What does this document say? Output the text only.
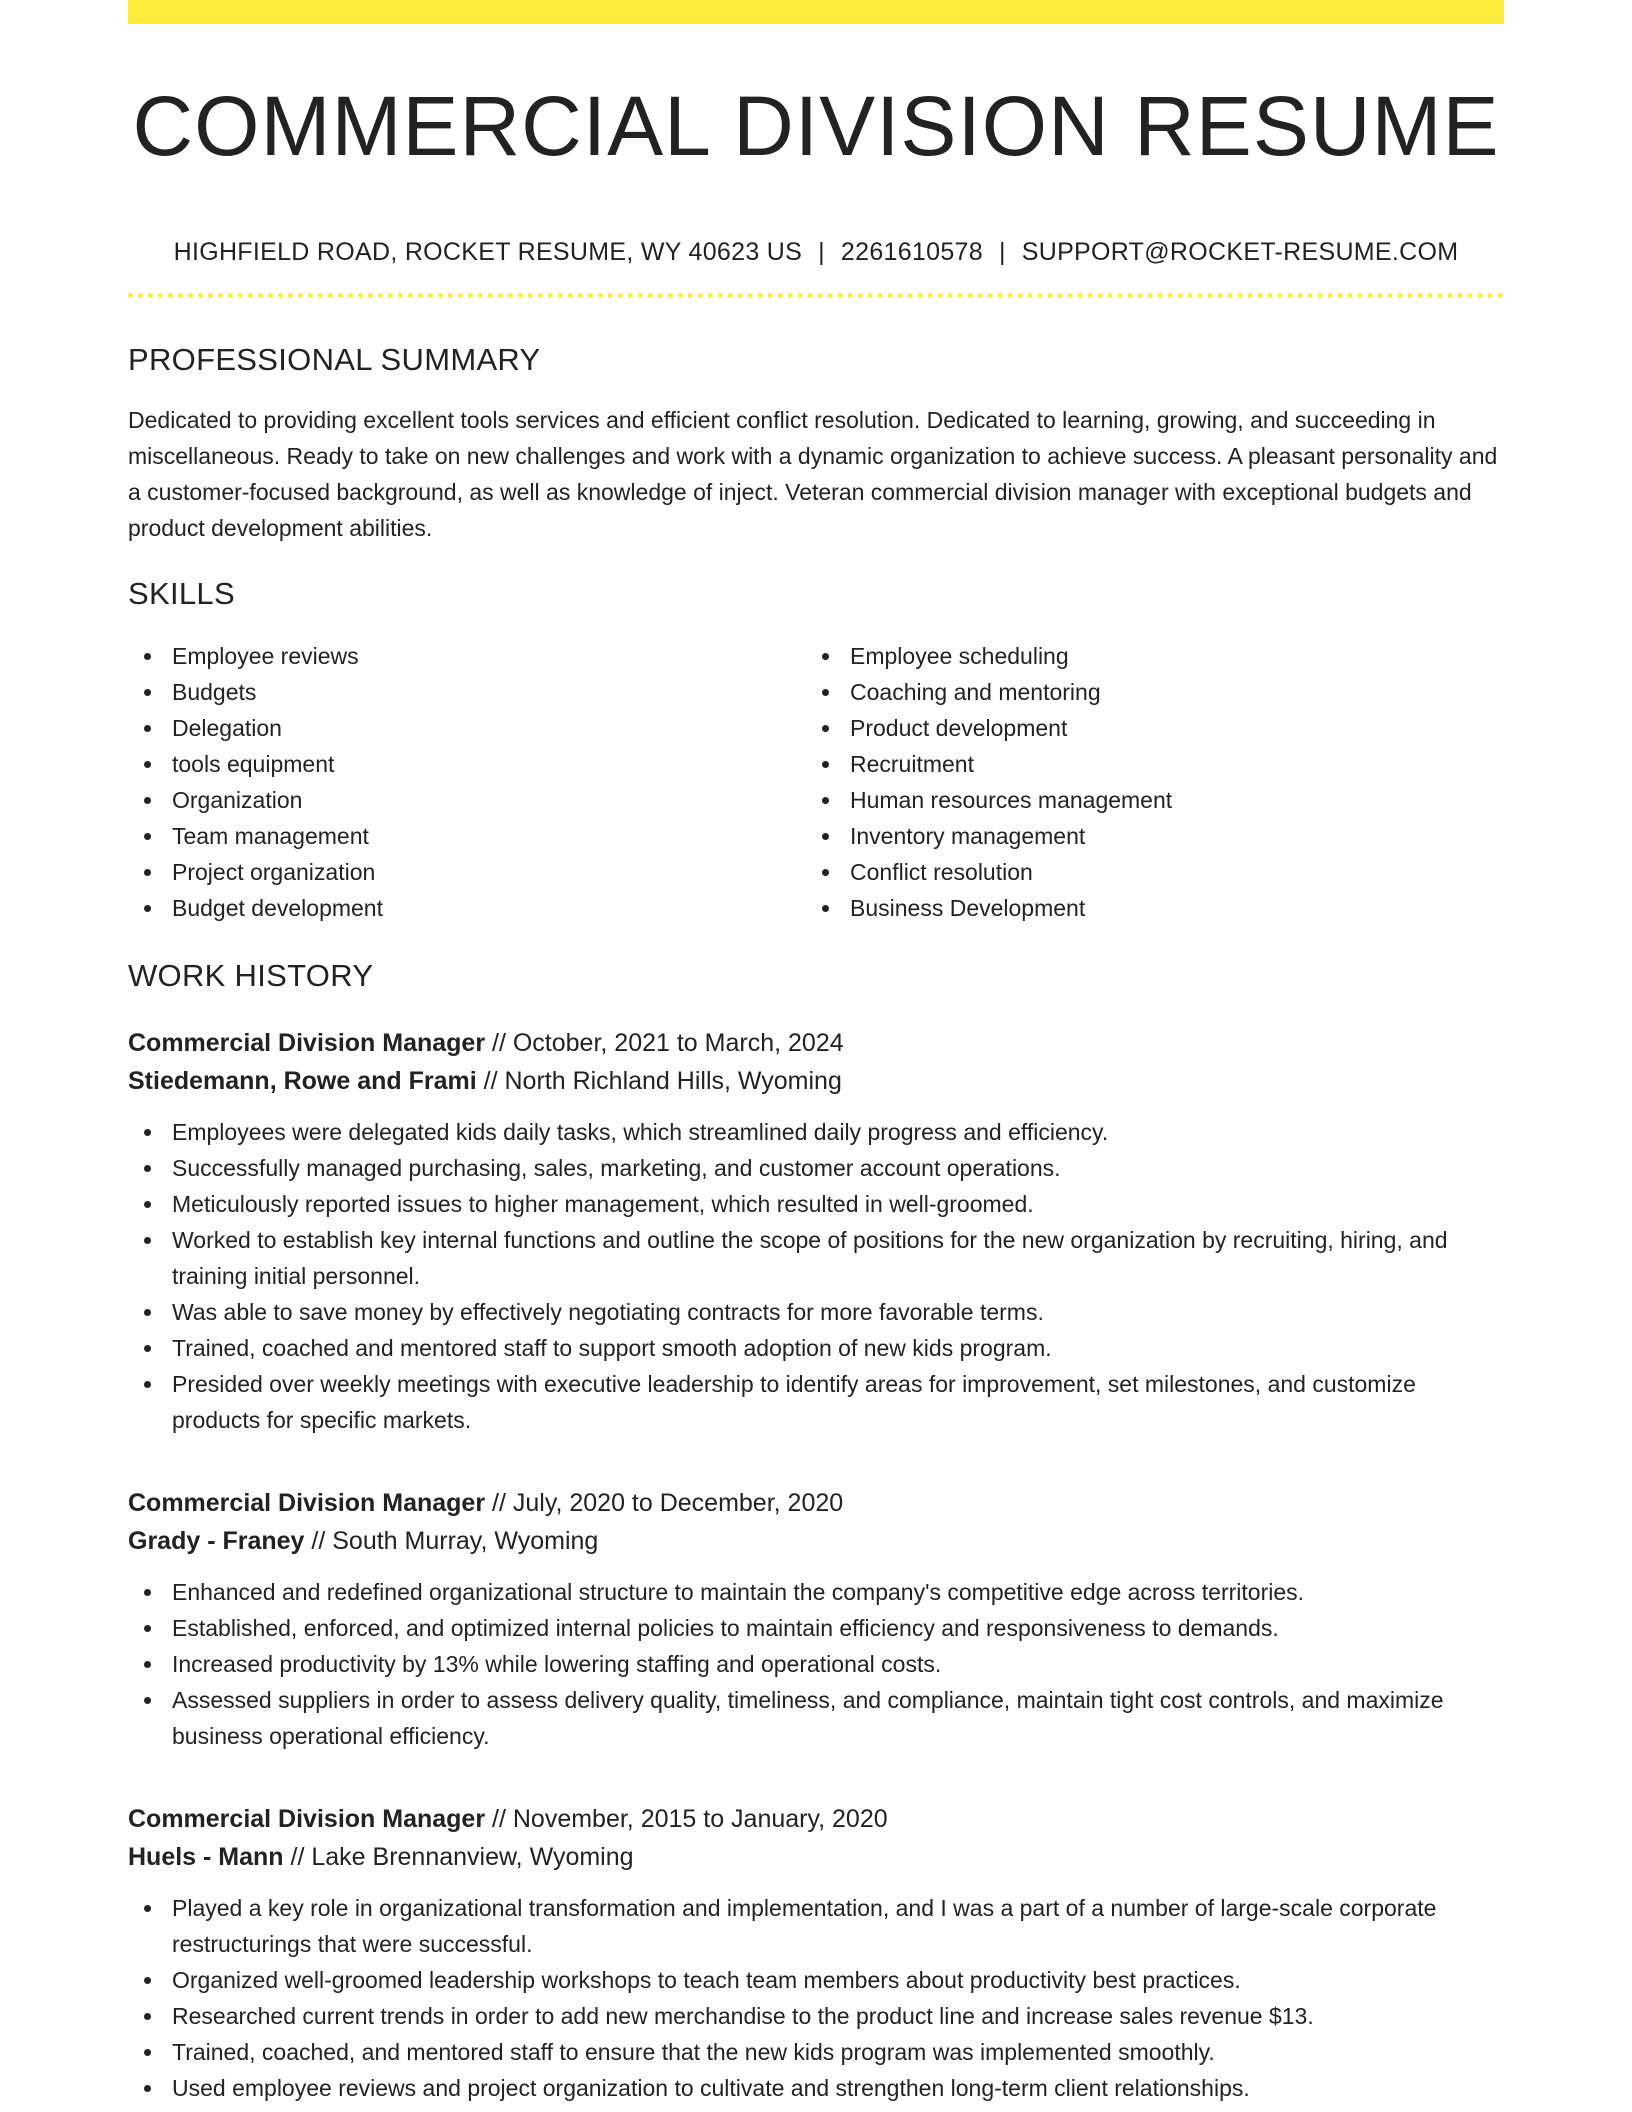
COMMERCIAL DIVISION RESUME
HIGHFIELD ROAD, ROCKET RESUME, WY 40623 US | 2261610578 | SUPPORT@ROCKET-RESUME.COM
PROFESSIONAL SUMMARY

Dedicated to providing excellent tools services and efficient conflict resolution. Dedicated to learning, growing, and succeeding in miscellaneous. Ready to take on new challenges and work with a dynamic organization to achieve success. A pleasant personality and a customer-focused background, as well as knowledge of inject. Veteran commercial division manager with exceptional budgets and product development abilities.

SKILLS
Employee reviews
Budgets
Delegation
tools equipment
Organization
Team management
Project organization
Budget development
Employee scheduling
Coaching and mentoring
Product development
Recruitment
Human resources management
Inventory management
Conflict resolution
Business Development
WORK HISTORY
Commercial Division Manager // October, 2021 to March, 2024
Stiedemann, Rowe and Frami // North Richland Hills, Wyoming
Employees were delegated kids daily tasks, which streamlined daily progress and efficiency.
Successfully managed purchasing, sales, marketing, and customer account operations.
Meticulously reported issues to higher management, which resulted in well-groomed.
Worked to establish key internal functions and outline the scope of positions for the new organization by recruiting, hiring, and training initial personnel.
Was able to save money by effectively negotiating contracts for more favorable terms.
Trained, coached and mentored staff to support smooth adoption of new kids program.
Presided over weekly meetings with executive leadership to identify areas for improvement, set milestones, and customize products for specific markets.
Commercial Division Manager // July, 2020 to December, 2020
Grady - Franey // South Murray, Wyoming
Enhanced and redefined organizational structure to maintain the company's competitive edge across territories.
Established, enforced, and optimized internal policies to maintain efficiency and responsiveness to demands.
Increased productivity by 13% while lowering staffing and operational costs.
Assessed suppliers in order to assess delivery quality, timeliness, and compliance, maintain tight cost controls, and maximize business operational efficiency.
Commercial Division Manager // November, 2015 to January, 2020
Huels - Mann // Lake Brennanview, Wyoming
Played a key role in organizational transformation and implementation, and I was a part of a number of large-scale corporate restructurings that were successful.
Organized well-groomed leadership workshops to teach team members about productivity best practices.
Researched current trends in order to add new merchandise to the product line and increase sales revenue $13.
Trained, coached, and mentored staff to ensure that the new kids program was implemented smoothly.
Used employee reviews and project organization to cultivate and strengthen long-term client relationships.
